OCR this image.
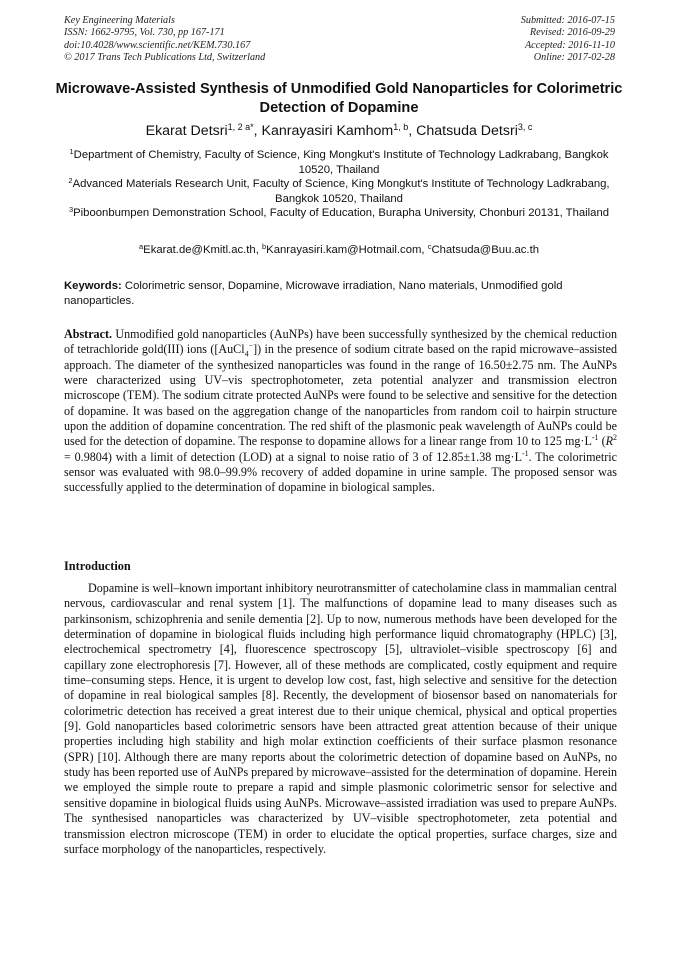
Key Engineering Materials
ISSN: 1662-9795, Vol. 730, pp 167-171
doi:10.4028/www.scientific.net/KEM.730.167
© 2017 Trans Tech Publications Ltd, Switzerland
Submitted: 2016-07-15
Revised: 2016-09-29
Accepted: 2016-11-10
Online: 2017-02-28
Microwave-Assisted Synthesis of Unmodified Gold Nanoparticles for Colorimetric Detection of Dopamine
Ekarat Detsri$^{1, 2 a*}$, Kanrayasiri Kamhom$^{1, b}$, Chatsuda Detsri$^{3, c}$
$^1$Department of Chemistry, Faculty of Science, King Mongkut's Institute of Technology Ladkrabang, Bangkok 10520, Thailand
$^2$Advanced Materials Research Unit, Faculty of Science, King Mongkut's Institute of Technology Ladkrabang, Bangkok 10520, Thailand
$^3$Piboonbumpen Demonstration School, Faculty of Education, Burapha University, Chonburi 20131, Thailand
$^a$Ekarat.de@Kmitl.ac.th, $^b$Kanrayasiri.kam@Hotmail.com, $^c$Chatsuda@Buu.ac.th
Keywords: Colorimetric sensor, Dopamine, Microwave irradiation, Nano materials, Unmodified gold nanoparticles.
Abstract. Unmodified gold nanoparticles (AuNPs) have been successfully synthesized by the chemical reduction of tetrachloride gold(III) ions ([AuCl$_4$−]) in the presence of sodium citrate based on the rapid microwave–assisted approach. The diameter of the synthesized nanoparticles was found in the range of 16.50±2.75 nm. The AuNPs were characterized using UV–vis spectrophotometer, zeta potential analyzer and transmission electron microscope (TEM). The sodium citrate protected AuNPs were found to be selective and sensitive for the detection of dopamine. It was based on the aggregation change of the nanoparticles from random coil to hairpin structure upon the addition of dopamine concentration. The red shift of the plasmonic peak wavelength of AuNPs could be used for the detection of dopamine. The response to dopamine allows for a linear range from 10 to 125 $mg\cdot L^{-1}$ $(R^2 = 0.9804)$ with a limit of detection (LOD) at a signal to noise ratio of 3 of 12.85±1.38 $mg\cdot L^{-1}$. The colorimetric sensor was evaluated with 98.0–99.9% recovery of added dopamine in urine sample. The proposed sensor was successfully applied to the determination of dopamine in biological samples.
Introduction
Dopamine is well–known important inhibitory neurotransmitter of catecholamine class in mammalian central nervous, cardiovascular and renal system [1]. The malfunctions of dopamine lead to many diseases such as parkinsonism, schizophrenia and senile dementia [2]. Up to now, numerous methods have been developed for the determination of dopamine in biological fluids including high performance liquid chromatography (HPLC) [3], electrochemical spectrometry [4], fluorescence spectroscopy [5], ultraviolet–visible spectroscopy [6] and capillary zone electrophoresis [7]. However, all of these methods are complicated, costly equipment and require time–consuming steps. Hence, it is urgent to develop low cost, fast, high selective and sensitive for the detection of dopamine in real biological samples [8]. Recently, the development of biosensor based on nanomaterials for colorimetric detection has received a great interest due to their unique chemical, physical and optical properties [9]. Gold nanoparticles based colorimetric sensors have been attracted great attention because of their unique properties including high stability and high molar extinction coefficients of their surface plasmon resonance (SPR) [10]. Although there are many reports about the colorimetric detection of dopamine based on AuNPs, no study has been reported use of AuNPs prepared by microwave–assisted for the determination of dopamine. Herein we employed the simple route to prepare a rapid and simple plasmonic colorimetric sensor for selective and sensitive dopamine in biological fluids using AuNPs. Microwave–assisted irradiation was used to prepare AuNPs. The synthesised nanoparticles was characterized by UV–visible spectrophotometer, zeta potential and transmission electron microscope (TEM) in order to elucidate the optical properties, surface charges, size and surface morphology of the nanoparticles, respectively.
